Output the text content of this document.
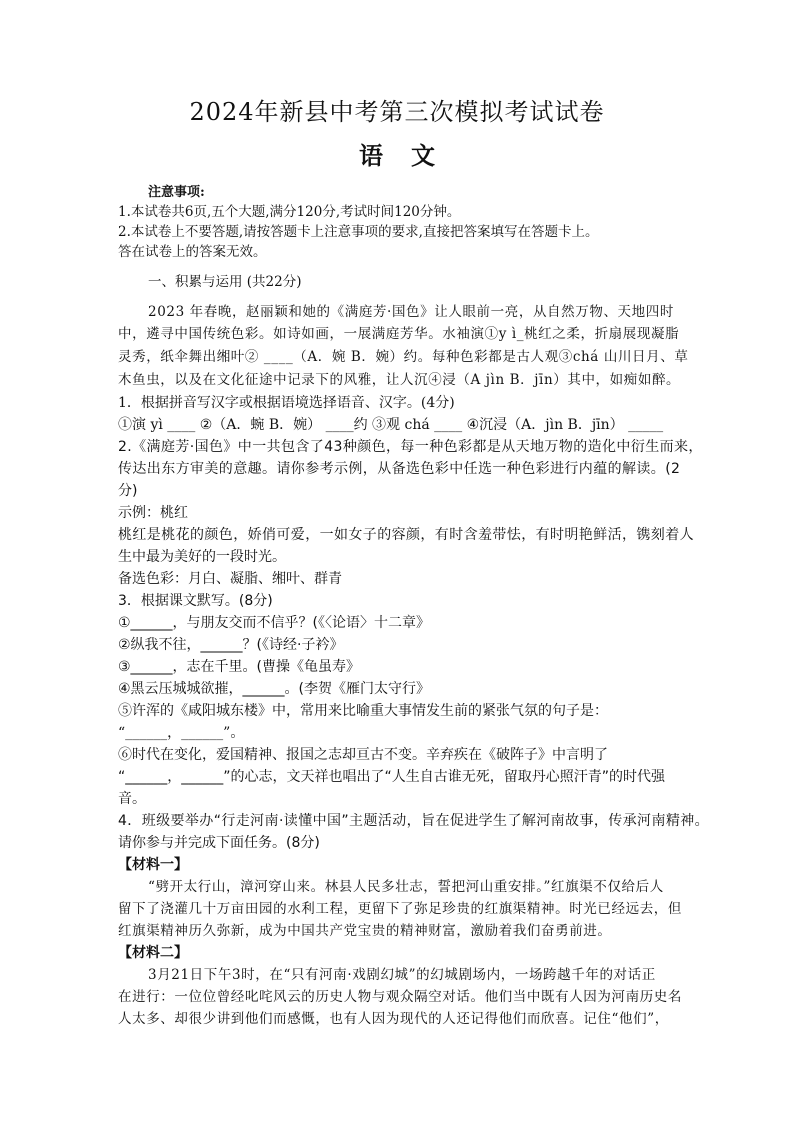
2024年新县中考第三次模拟考试试卷
语文
注意事项:
1.本试卷共6页,五个大题,满分120分,考试时间120分钟。
2.本试卷上不要答题,请按答题卡上注意事项的要求,直接把答案填写在答题卡上。
答在试卷上的答案无效。
一、积累与运用 (共22分)
2023 年春晚，赵丽颖和她的《满庭芳·国色》让人眼前一亮，从自然万物、天地四时
中，遴寻中国传统色彩。如诗如画，一展满庭芳华。水袖演①y ì_桃红之柔，折扇展现凝脂
灵秀，纸伞舞出缃叶② ____（A．婉 B．婉）约。每种色彩都是古人观③chá 山川日月、草
木鱼虫，以及在文化征途中记录下的风雅，让人沉④浸（A jìn B．jīn）其中，如痴如醉。
1．根据拼音写汉字或根据语境选择语音、汉字。(4分)
①演 yì ____ ②（A．蜿 B．婉） ____约 ③观 chá ____ ④沉浸（A．jìn B．jīn） _____
2.《满庭芳·国色》中一共包含了43种颜色，每一种色彩都是从天地万物的造化中衍生而来，
传达出东方审美的意趣。请你参考示例，从备选色彩中任选一种色彩进行内蕴的解读。(2
分)
示例：桃红
桃红是桃花的颜色，娇俏可爱，一如女子的容颜，有时含羞带怯，有时明艳鲜活，镌刻着人
生中最为美好的一段时光。
备选色彩：月白、凝脂、缃叶、群青
3．根据课文默写。(8分)
①______，与朋友交而不信乎？(《〈论语〉十二章》
②纵我不往，______？(《诗经·子衿》
③______，志在千里。(曹操《龟虽寿》
④黑云压城城欲摧，______。(李贺《雁门太守行》
⑤许浑的《咸阳城东楼》中，常用来比喻重大事情发生前的紧张气氛的句子是：
“______，______”。
⑥时代在变化，爱国精神、报国之志却亘古不变。辛弃疾在《破阵子》中言明了
“______，______”的心志，文天祥也唱出了“人生自古谁无死，留取丹心照汗青”的时代强
音。
4．班级要举办“行走河南·读懂中国”主题活动，旨在促进学生了解河南故事，传承河南精神。
请你参与并完成下面任务。(8分)
【材料一】
“劈开太行山，漳河穿山来。林县人民多壮志，誓把河山重安排。”红旗渠不仅给后人
留下了浇灌几十万亩田园的水利工程，更留下了弥足珍贵的红旗渠精神。时光已经远去，但
红旗渠精神历久弥新，成为中国共产党宝贵的精神财富，激励着我们奋勇前进。
【材料二】
3月21日下午3时，在“只有河南·戏剧幻城”的幻城剧场内，一场跨越千年的对话正
在进行：一位位曾经叱咤风云的历史人物与观众隔空对话。他们当中既有人因为河南历史名
人太多、却很少讲到他们而感慨，也有人因为现代的人还记得他们而欣喜。记住“他们”，
